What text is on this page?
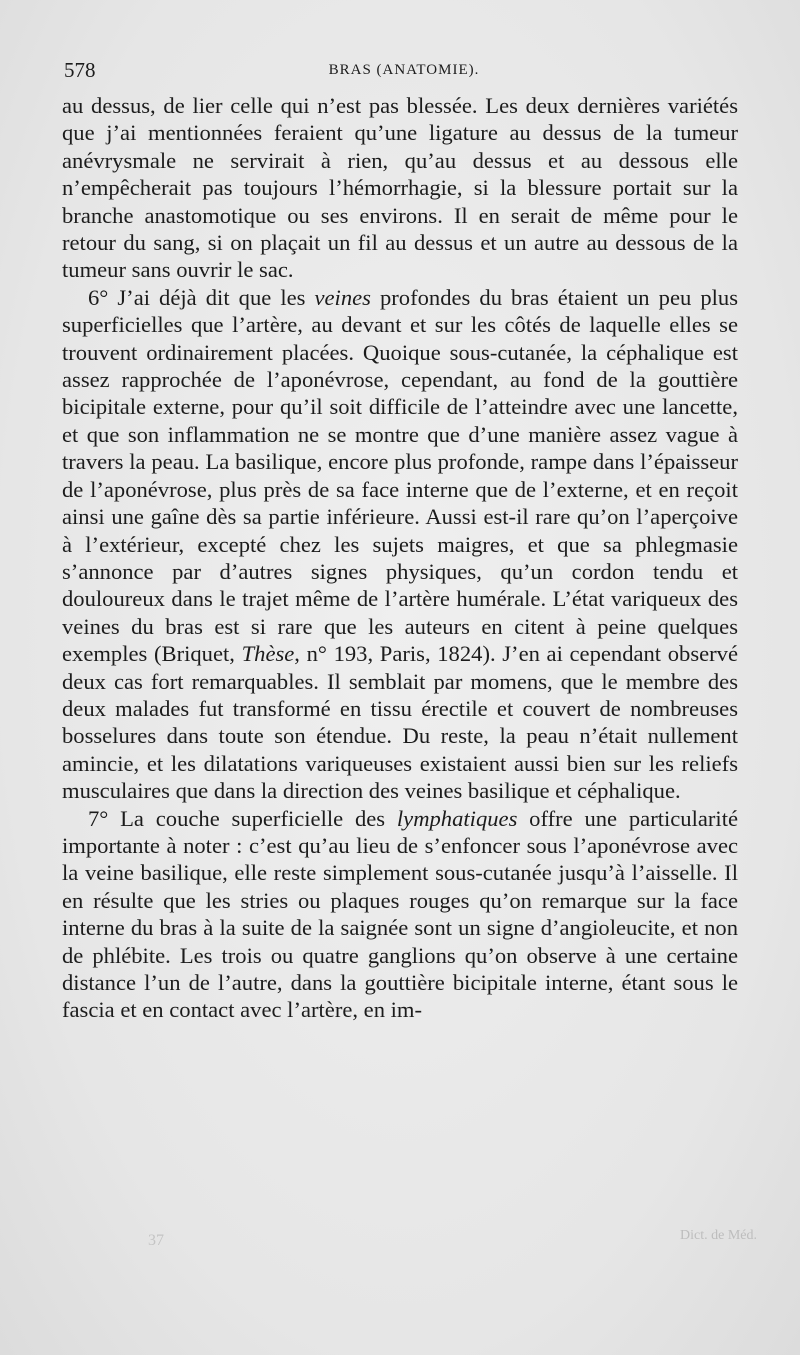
578	BRAS (ANATOMIE).

au dessus, de lier celle qui n’est pas blessée. Les deux dernières variétés que j’ai mentionnées feraient qu’une ligature au dessus de la tumeur anévrysmale ne servirait à rien, qu’au dessus et au dessous elle n’empêcherait pas toujours l’hémorrhagie, si la blessure portait sur la branche anastomotique ou ses environs. Il en serait de même pour le retour du sang, si on plaçait un fil au dessus et un autre au dessous de la tumeur sans ouvrir le sac.

6° J’ai déjà dit que les veines profondes du bras étaient un peu plus superficielles que l’artère, au devant et sur les côtés de laquelle elles se trouvent ordinairement placées. Quoique sous-cutanée, la céphalique est assez rapprochée de l’aponévrose, cependant, au fond de la gouttière bicipitale externe, pour qu’il soit difficile de l’atteindre avec une lancette, et que son inflammation ne se montre que d’une manière assez vague à travers la peau. La basilique, encore plus profonde, rampe dans l’épaisseur de l’aponévrose, plus près de sa face interne que de l’externe, et en reçoit ainsi une gaîne dès sa partie inférieure. Aussi est-il rare qu’on l’aperçoive à l’extérieur, excepté chez les sujets maigres, et que sa phlegmasie s’annonce par d’autres signes physiques, qu’un cordon tendu et douloureux dans le trajet même de l’artère humérale. L’état variqueux des veines du bras est si rare que les auteurs en citent à peine quelques exemples (Briquet, Thèse, n° 193, Paris, 1824). J’en ai cependant observé deux cas fort remarquables. Il semblait par momens, que le membre des deux malades fut transformé en tissu érectile et couvert de nombreuses bosselures dans toute son étendue. Du reste, la peau n’était nullement amincie, et les dilatations variqueuses existaient aussi bien sur les reliefs musculaires que dans la direction des veines basilique et céphalique.

7° La couche superficielle des lymphatiques offre une particularité importante à noter : c’est qu’au lieu de s’enfoncer sous l’aponévrose avec la veine basilique, elle reste simplement sous-cutanée jusqu’à l’aisselle. Il en résulte que les stries ou plaques rouges qu’on remarque sur la face interne du bras à la suite de la saignée sont un signe d’angioleucite, et non de phlébite. Les trois ou quatre ganglions qu’on observe à une certaine distance l’un de l’autre, dans la gouttière bicipitale interne, étant sous le fascia et en contact avec l’artère, en im-

37	Dict. de Méd.
